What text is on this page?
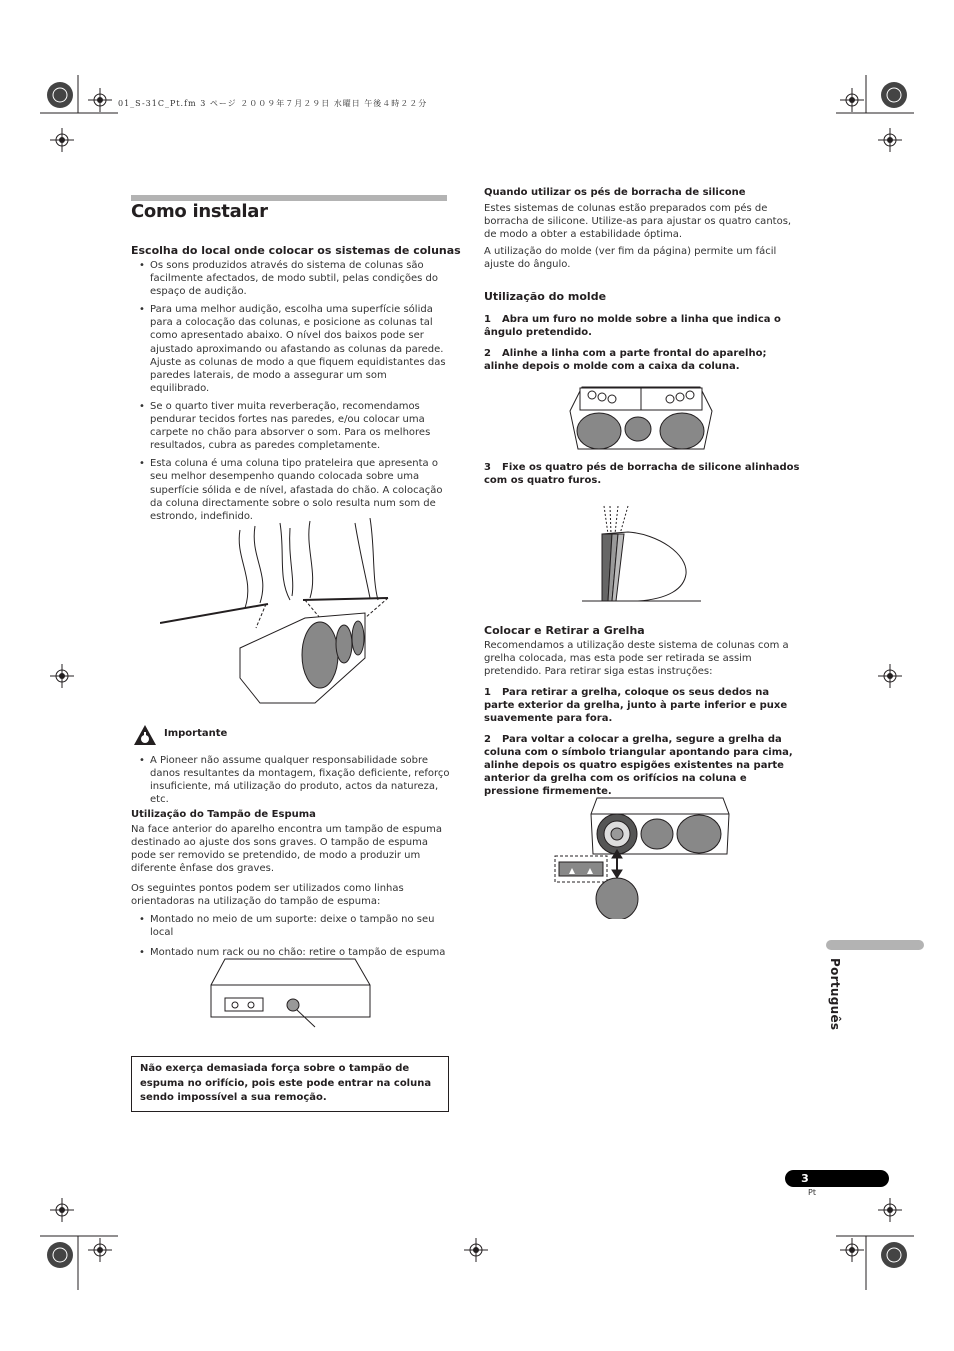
01_S-31C_Pt.fm 3 ページ ２００９年７月２９日 水曜日 午後４時２２分
Como instalar
Escolha do local onde colocar os sistemas de colunas
• Os sons produzidos através do sistema de colunas são facilmente afectados, de modo subtil, pelas condições do espaço de audição.
• Para uma melhor audição, escolha uma superfície sólida para a colocação das colunas, e posicione as colunas tal como apresentado abaixo. O nível dos baixos pode ser ajustado aproximando ou afastando as colunas da parede. Ajuste as colunas de modo a que fiquem equidistantes das paredes laterais, de modo a assegurar um som equilibrado.
• Se o quarto tiver muita reverberação, recomendamos pendurar tecidos fortes nas paredes, e/ou colocar uma carpete no chão para absorver o som. Para os melhores resultados, cubra as paredes completamente.
• Esta coluna é uma coluna tipo prateleira que apresenta o seu melhor desempenho quando colocada sobre uma superfície sólida e de nível, afastada do chão. A colocação da coluna directamente sobre o solo resulta num som de estrondo, indefinido.
Importante
• A Pioneer não assume qualquer responsabilidade sobre danos resultantes da montagem, fixação deficiente, reforço insuficiente, má utilização do produto, actos da natureza, etc.
Utilização do Tampão de Espuma

Na face anterior do aparelho encontra um tampão de espuma destinado ao ajuste dos sons graves. O tampão de espuma pode ser removido se pretendido, de modo a produzir um diferente ênfase dos graves.

Os seguintes pontos podem ser utilizados como linhas orientadoras na utilização do tampão de espuma:

• Montado no meio de um suporte: deixe o tampão no seu local
• Montado num rack ou no chão: retire o tampão de espuma
Não exerça demasiada força sobre o tampão de espuma no orifício, pois este pode entrar na coluna sendo impossível a sua remoção.
Quando utilizar os pés de borracha de silicone

Estes sistemas de colunas estão preparados com pés de borracha de silicone. Utilize-as para ajustar os quatro cantos, de modo a obter a estabilidade óptima.

A utilização do molde (ver fim da página) permite um fácil ajuste do ângulo.

Utilização do molde

1 Abra um furo no molde sobre a linha que indica o ângulo pretendido.

2 Alinhe a linha com a parte frontal do aparelho; alinhe depois o molde com a caixa da coluna.

3 Fixe os quatro pés de borracha de silicone alinhados com os quatro furos.

Colocar e Retirar a Grelha

Recomendamos a utilização deste sistema de colunas com a grelha colocada, mas esta pode ser retirada se assim pretendido. Para retirar siga estas instruções:

1 Para retirar a grelha, coloque os seus dedos na parte exterior da grelha, junto à parte inferior e puxe suavemente para fora.

2 Para voltar a colocar a grelha, segure a grelha da coluna com o símbolo triangular apontando para cima, alinhe depois os quatro espigões existentes na parte anterior da grelha com os orifícios na coluna e pressione firmemente.

Português
3
Pt
